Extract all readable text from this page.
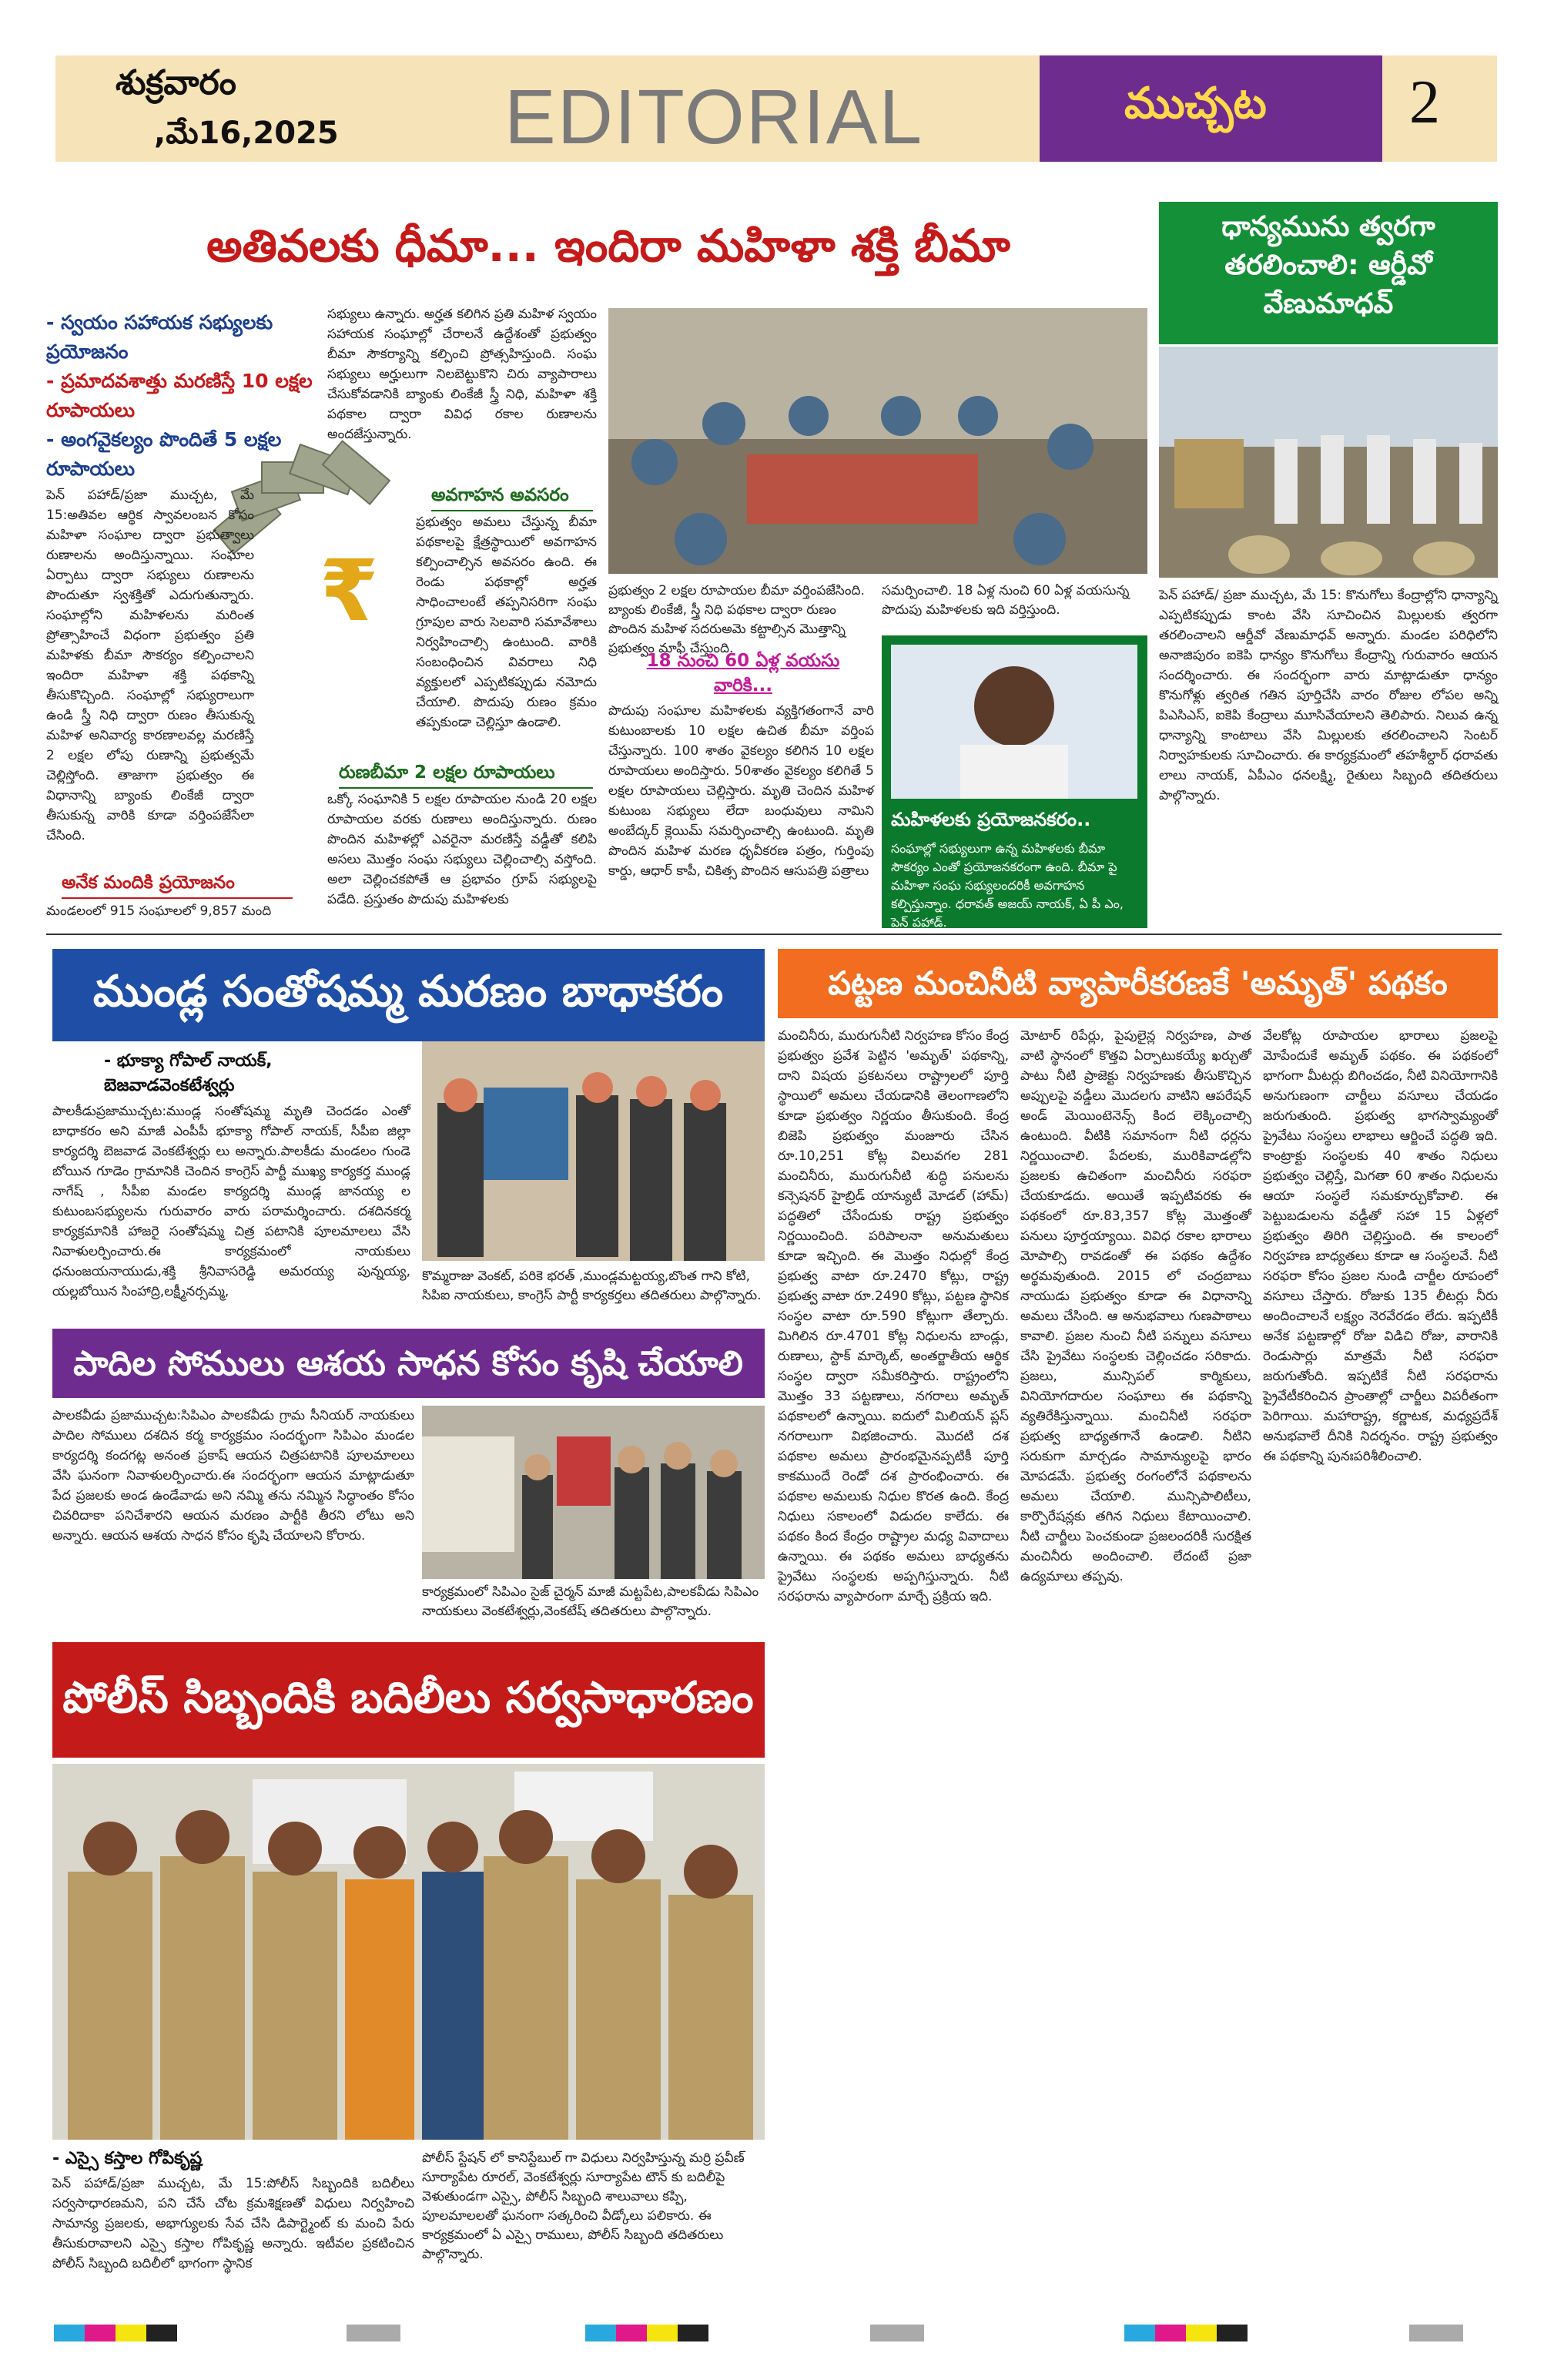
శుక్రవారం
,మే16,2025 EDITORIAL	ముచ్చట 2
అతివలకు ధీమా... ఇందిరా మహిళా శక్తి బీమా
- స్వయం సహాయక సభ్యులకు ప్రయోజనం
- ప్రమాదవశాత్తు మరణిస్తే 10 లక్షల రూపాయలు
- అంగవైకల్యం పొందితే 5 లక్షల రూపాయలు
₹
పెన్ పహాడ్/ప్రజా ముచ్చట, మే 15:అతివల ఆర్థిక స్వావలంబన కోసం మహిళా సంఘాల ద్వారా ప్రభుత్వాలు రుణాలను అందిస్తున్నాయి. సంఘాల ఏర్పాటు ద్వారా సభ్యులు రుణాలను పొందుతూ స్వశక్తితో ఎదుగుతున్నారు. సంఘాల్లోని మహిళలను మరింత ప్రోత్సాహించే విధంగా ప్రభుత్వం ప్రతి మహిళకు బీమా సౌకర్యం కల్పించాలని ఇందిరా మహిళా శక్తి పథకాన్ని తీసుకొచ్చింది. సంఘాల్లో సభ్యురాలుగా ఉండి స్త్రీ నిధి ద్వారా రుణం తీసుకున్న మహిళ అనివార్య కారణాలవల్ల మరణిస్తే 2 లక్షల లోపు రుణాన్ని ప్రభుత్వమే చెల్లిస్తోంది. తాజాగా ప్రభుత్వం ఈ విధానాన్ని బ్యాంకు లింకేజీ ద్వారా తీసుకున్న వారికి కూడా వర్తింపజేసేలా చేసింది.
అనేక మందికి ప్రయోజనం
మండలంలో 915 సంఘాలలో 9,857 మంది
సభ్యులు ఉన్నారు. అర్హత కలిగిన ప్రతి మహిళ స్వయం సహాయక సంఘాల్లో చేరాలనే ఉద్దేశంతో ప్రభుత్వం బీమా సౌకర్యాన్ని కల్పించి ప్రోత్సహిస్తుంది. సంఘ సభ్యులు అర్హులుగా నిలబెట్టుకొని చిరు వ్యాపారాలు చేసుకోవడానికి బ్యాంకు లింకేజీ స్త్రీ నిధి, మహిళా శక్తి పథకాల ద్వారా వివిధ రకాల రుణాలను అందజేస్తున్నారు.
అవగాహన అవసరం
ప్రభుత్వం అమలు చేస్తున్న బీమా పథకాలపై క్షేత్రస్థాయిలో అవగాహన కల్పించాల్సిన అవసరం ఉంది. ఈ రెండు పథకాల్లో అర్హత సాధించాలంటే తప్పనిసరిగా సంఘ గ్రూపుల వారు సెలవారి సమావేశాలు నిర్వహించాల్సి ఉంటుంది. వారికి సంబంధించిన వివరాలు నిధి వ్యక్తులలో ఎప్పటికప్పుడు నమోదు చేయాలి. పొదుపు రుణం క్రమం తప్పకుండా చెల్లిస్తూ ఉండాలి.
రుణబీమా 2 లక్షల రూపాయలు
ఒక్కో సంఘానికి 5 లక్షల రూపాయల నుండి 20 లక్షల రూపాయల వరకు రుణాలు అందిస్తున్నారు. రుణం పొందిన మహిళల్లో ఎవరైనా మరణిస్తే వడ్డీతో కలిపి అసలు మొత్తం సంఘ సభ్యులు చెల్లించాల్సి వస్తోంది. అలా చెల్లించకపోతే ఆ ప్రభావం గ్రూప్ సభ్యులపై పడేది. ప్రస్తుతం పొదుపు మహిళలకు
ప్రభుత్వం 2 లక్షల రూపాయల బీమా వర్తింపజేసింది. బ్యాంకు లింకేజీ, స్త్రీ నిధి పథకాల ద్వారా రుణం పొందిన మహిళ సదరుఅమె కట్టాల్సిన మొత్తాన్ని ప్రభుత్వం మాఫీ చేస్తుంది.
సమర్పించాలి. 18 ఏళ్ల నుంచి 60 ఏళ్ల వయసున్న పొదుపు మహిళలకు ఇది వర్తిస్తుంది.
18 నుంచి 60 ఏళ్ల వయసు వారికి...
పొదుపు సంఘాల మహిళలకు వ్యక్తిగతంగానే వారి కుటుంబాలకు 10 లక్షల ఉచిత బీమా వర్తింప చేస్తున్నారు. 100 శాతం వైకల్యం కలిగిన 10 లక్షల రూపాయలు అందిస్తారు. 50శాతం వైకల్యం కలిగితే 5 లక్షల రూపాయలు చెల్లిస్తారు. మృతి చెందిన మహిళ కుటుంబ సభ్యులు లేదా బంధువులు నామిని అంబేద్కర్ క్లెయిమ్ సమర్పించాల్సి ఉంటుంది. మృతి పొందిన మహిళ మరణ ధృవీకరణ పత్రం, గుర్తింపు కార్డు, ఆధార్ కాపీ, చికిత్స పొందిన ఆసుపత్రి పత్రాలు
మహిళలకు ప్రయోజనకరం..
సంఘాల్లో సభ్యులుగా ఉన్న మహిళలకు బీమా సౌకర్యం ఎంతో ప్రయోజనకరంగా ఉంది. బీమా పై మహిళా సంఘ సభ్యులందరికీ అవగాహన కల్పిస్తున్నాం. ధరావత్ అజయ్ నాయక్, ఏ పీ ఎం, పెన్ పహాడ్.
ధాన్యమును త్వరగా తరలించాలి: ఆర్డీవో వేణుమాధవ్
పెన్ పహాడ్/ ప్రజా ముచ్చట, మే 15: కొనుగోలు కేంద్రాల్లోని ధాన్యాన్ని ఎప్పటికప్పుడు కాంట వేసి సూచించిన మిల్లులకు త్వరగా తరలించాలని ఆర్డీవో వేణుమాధవ్ అన్నారు. మండల పరిధిలోని అనాజిపురం ఐకెపి ధాన్యం కొనుగోలు కేంద్రాన్ని గురువారం ఆయన సందర్శించారు. ఈ సందర్భంగా వారు మాట్లాడుతూ ధాన్యం కొనుగోళ్లు త్వరిత గతిన పూర్తిచేసి వారం రోజుల లోపల అన్ని పిఎసిఎస్, ఐకెపి కేంద్రాలు మూసివేయాలని తెలిపారు. నిలువ ఉన్న ధాన్యాన్ని కాంటాలు వేసి మిల్లులకు తరలించాలని సెంటర్ నిర్వాహకులకు సూచించారు. ఈ కార్యక్రమంలో తహశీల్దార్ ధరావతు లాలు నాయక్, ఏపీఎం ధనలక్ష్మి, రైతులు సిబ్బంది తదితరులు పాల్గొన్నారు.
ముండ్ల సంతోషమ్మ మరణం బాధాకరం
- భూక్యా గోపాల్ నాయక్, బెజవాడవెంకటేశ్వర్లు
పాలకీడుప్రజాముచ్చట:ముండ్ల సంతోషమ్మ మృతి చెందడం ఎంతో బాధాకరం అని మాజీ ఎంపీపీ భూక్యా గోపాల్ నాయక్, సీపీఐ జిల్లా కార్యదర్శి బెజవాడ వెంకటేశ్వర్లు లు అన్నారు.పాలకీడు మండలం గుండె బోయిన గూడెం గ్రామానికి చెందిన కాంగ్రెస్ పార్టీ ముఖ్య కార్యకర్త ముండ్ల నాగేష్ , సీపీఐ మండల కార్యదర్శి ముండ్ల జానయ్య ల కుటుంబసభ్యులను గురువారం వారు పరామర్శించారు. దశదినకర్మ కార్యక్రమానికి హాజరై సంతోషమ్మ చిత్ర పటానికి పూలమాలలు వేసి నివాళులర్పించారు.ఈ కార్యక్రమంలో నాయకులు ధనుంజయనాయుడు,శక్తి శ్రీనివాసరెడ్డి అమరయ్య పున్నయ్య, యల్లబోయిన సింహాద్రి,లక్ష్మీనర్సమ్మ,
కొమ్మరాజు వెంకట్, పరికె భరత్ ,ముండ్లమట్టయ్య,బొంత గాని కోటి, సిపిఐ నాయకులు, కాంగ్రెస్ పార్టీ కార్యకర్తలు తదితరులు పాల్గొన్నారు.
పాదిల సోములు ఆశయ సాధన కోసం కృషి చేయాలి
పాలకవీడు ప్రజాముచ్చట:సిపిఎం పాలకవీడు గ్రామ సీనియర్ నాయకులు పాదిల సోములు దశదిన కర్మ కార్యక్రమం సందర్భంగా సిపిఎం మండల కార్యదర్శి కందగట్ల అనంత ప్రకాష్ ఆయన చిత్రపటానికి పూలమాలలు వేసి ఘనంగా నివాళులర్పించారు.ఈ సందర్భంగా ఆయన మాట్లాడుతూ పేద ప్రజలకు అండ ఉండేవాడు అని నమ్మి తను నమ్మిన సిద్ధాంతం కోసం చివరిదాకా పనిచేశారని ఆయన మరణం పార్టీకి తీరని లోటు అని అన్నారు. ఆయన ఆశయ సాధన కోసం కృషి చేయాలని కోరారు.
కార్యక్రమంలో సిపిఎం సైజ్ చైర్మన్ మాజీ మట్టపేట,పాలకవీడు సిపిఎం నాయకులు వెంకటేశ్వర్లు,వెంకటేష్ తదితరులు పాల్గొన్నారు.
పోలీస్ సిబ్బందికి బదిలీలు సర్వసాధారణం
- ఎస్సై కస్తాల గోపికృష్ణ
పెన్ పహాడ్/ప్రజా ముచ్చట, మే 15:పోలీస్ సిబ్బందికి బదిలీలు సర్వసాధారణమని, పని చేసే చోట క్రమశిక్షణతో విధులు నిర్వహించి సామాన్య ప్రజలకు, అభాగ్యులకు సేవ చేసి డిపార్ట్మెంట్ కు మంచి పేరు తీసుకురావాలని ఎస్సై కస్తాల గోపికృష్ణ అన్నారు. ఇటీవల ప్రకటించిన పోలీస్ సిబ్బంది బదిలీలో భాగంగా స్థానిక
పోలీస్ స్టేషన్ లో కానిస్టేబుల్ గా విధులు నిర్వహిస్తున్న మర్రి ప్రవీణ్ సూర్యాపేట రూరల్, వెంకటేశ్వర్లు సూర్యాపేట టౌన్ కు బదిలీపై వెళుతుండగా ఎస్సై, పోలీస్ సిబ్బంది శాలువాలు కప్పి, పూలమాలలతో ఘనంగా సత్కరించి వీడ్కోలు పలికారు. ఈ కార్యక్రమంలో ఏ ఎస్సై రాములు, పోలీస్ సిబ్బంది తదితరులు పాల్గొన్నారు.
పట్టణ మంచినీటి వ్యాపారీకరణకే 'అమృత్' పథకం
మంచినీరు, మురుగునీటి నిర్వహణ కోసం కేంద్ర ప్రభుత్వం ప్రవేశ పెట్టిన 'అమృత్' పథకాన్ని, దాని విషయ ప్రకటనలు రాష్ట్రాలలో పూర్తి స్థాయిలో అమలు చేయడానికి తెలంగాణలోని కూడా ప్రభుత్వం నిర్ణయం తీసుకుంది. కేంద్ర బిజెపి ప్రభుత్వం మంజూరు చేసిన రూ.10,251 కోట్ల విలువగల 281 మంచినీరు, మురుగునీటి శుద్ధి పనులను కన్సెషనర్ హైబ్రిడ్ యాన్యుటీ మోడల్ (హామ్) పద్ధతిలో చేసేందుకు రాష్ట్ర ప్రభుత్వం నిర్ణయించింది. పరిపాలనా అనుమతులు కూడా ఇచ్చింది. ఈ మొత్తం నిధుల్లో కేంద్ర ప్రభుత్వ వాటా రూ.2470 కోట్లు, రాష్ట్ర ప్రభుత్వ వాటా రూ.2490 కోట్లు, పట్టణ స్థానిక సంస్థల వాటా రూ.590 కోట్లుగా తేల్చారు. మిగిలిన రూ.4701 కోట్ల నిధులను బాండ్లు, రుణాలు, స్టాక్ మార్కెట్, అంతర్జాతీయ ఆర్థిక సంస్థల ద్వారా సమీకరిస్తారు. రాష్ట్రంలోని మొత్తం 33 పట్టణాలు, నగరాలు అమృత్ పథకాలలో ఉన్నాయి. ఐదులో మిలియన్ ప్లస్ నగరాలుగా విభజించారు. మొదటి దశ పథకాల అమలు ప్రారంభమైనప్పటికీ పూర్తి కాకముందే రెండో దశ ప్రారంభించారు. ఈ పథకాల అమలుకు నిధుల కొరత ఉంది. కేంద్ర నిధులు సకాలంలో విడుదల కాలేదు. ఈ పథకం కింద కేంద్రం రాష్ట్రాల మధ్య వివాదాలు ఉన్నాయి. ఈ పథకం అమలు బాధ్యతను ప్రైవేటు సంస్థలకు అప్పగిస్తున్నారు. నీటి సరఫరాను వ్యాపారంగా మార్చే ప్రక్రియ ఇది.
మోటార్ రిపేర్లు, పైపులైన్ల నిర్వహణ, పాత వాటి స్థానంలో కొత్తవి ఏర్పాటుకయ్యే ఖర్చుతో పాటు నీటి ప్రాజెక్టు నిర్వహణకు తీసుకొచ్చిన అప్పులపై వడ్డీలు మొదలగు వాటిని ఆపరేషన్ అండ్ మెయింటెనెన్స్ కింద లెక్కించాల్సి ఉంటుంది. వీటికి సమానంగా నీటి ధర్లను నిర్ణయించాలి. పేదలకు, మురికివాడల్లోని ప్రజలకు ఉచితంగా మంచినీరు సరఫరా చేయకూడదు. అయితే ఇప్పటివరకు ఈ పథకంలో రూ.83,357 కోట్ల మొత్తంతో పనులు పూర్తయ్యాయి. వివిధ రకాల భారాలు మోపాల్సి రావడంతో ఈ పథకం ఉద్దేశం అర్థమవుతుంది. 2015 లో చంద్రబాబు నాయుడు ప్రభుత్వం కూడా ఈ విధానాన్ని అమలు చేసింది. ఆ అనుభవాలు గుణపాఠాలు కావాలి. ప్రజల నుంచి నీటి పన్నులు వసూలు చేసి ప్రైవేటు సంస్థలకు చెల్లించడం సరికాదు. ప్రజలు, మున్సిపల్ కార్మికులు, వినియోగదారుల సంఘాలు ఈ పథకాన్ని వ్యతిరేకిస్తున్నాయి. మంచినీటి సరఫరా ప్రభుత్వ బాధ్యతగానే ఉండాలి. నీటిని సరుకుగా మార్చడం సామాన్యులపై భారం మోపడమే. ప్రభుత్వ రంగంలోనే పథకాలను అమలు చేయాలి. మున్సిపాలిటీలు, కార్పొరేషన్లకు తగిన నిధులు కేటాయించాలి. నీటి చార్జీలు పెంచకుండా ప్రజలందరికీ సురక్షిత మంచినీరు అందించాలి. లేదంటే ప్రజా ఉద్యమాలు తప్పవు.
వేలకోట్ల రూపాయల భారాలు ప్రజలపై మోపేందుకే అమృత్ పథకం. ఈ పథకంలో భాగంగా మీటర్లు బిగించడం, నీటి వినియోగానికి అనుగుణంగా చార్జీలు వసూలు చేయడం జరుగుతుంది. ప్రభుత్వ భాగస్వామ్యంతో ప్రైవేటు సంస్థలు లాభాలు ఆర్జించే పద్ధతి ఇది. కాంట్రాక్టు సంస్థలకు 40 శాతం నిధులు ప్రభుత్వం చెల్లిస్తే, మిగతా 60 శాతం నిధులను ఆయా సంస్థలే సమకూర్చుకోవాలి. ఈ పెట్టుబడులను వడ్డీతో సహా 15 ఏళ్లలో ప్రభుత్వం తిరిగి చెల్లిస్తుంది. ఈ కాలంలో నిర్వహణ బాధ్యతలు కూడా ఆ సంస్థలవే. నీటి సరఫరా కోసం ప్రజల నుండి చార్జీల రూపంలో వసూలు చేస్తారు. రోజుకు 135 లీటర్లు నీరు అందించాలనే లక్ష్యం నెరవేరడం లేదు. ఇప్పటికీ అనేక పట్టణాల్లో రోజు విడిచి రోజు, వారానికి రెండుసార్లు మాత్రమే నీటి సరఫరా జరుగుతోంది. ఇప్పటికే నీటి సరఫరాను ప్రైవేటీకరించిన ప్రాంతాల్లో చార్జీలు విపరీతంగా పెరిగాయి. మహారాష్ట్ర, కర్ణాటక, మధ్యప్రదేశ్ అనుభవాలే దీనికి నిదర్శనం. రాష్ట్ర ప్రభుత్వం ఈ పథకాన్ని పునఃపరిశీలించాలి.
